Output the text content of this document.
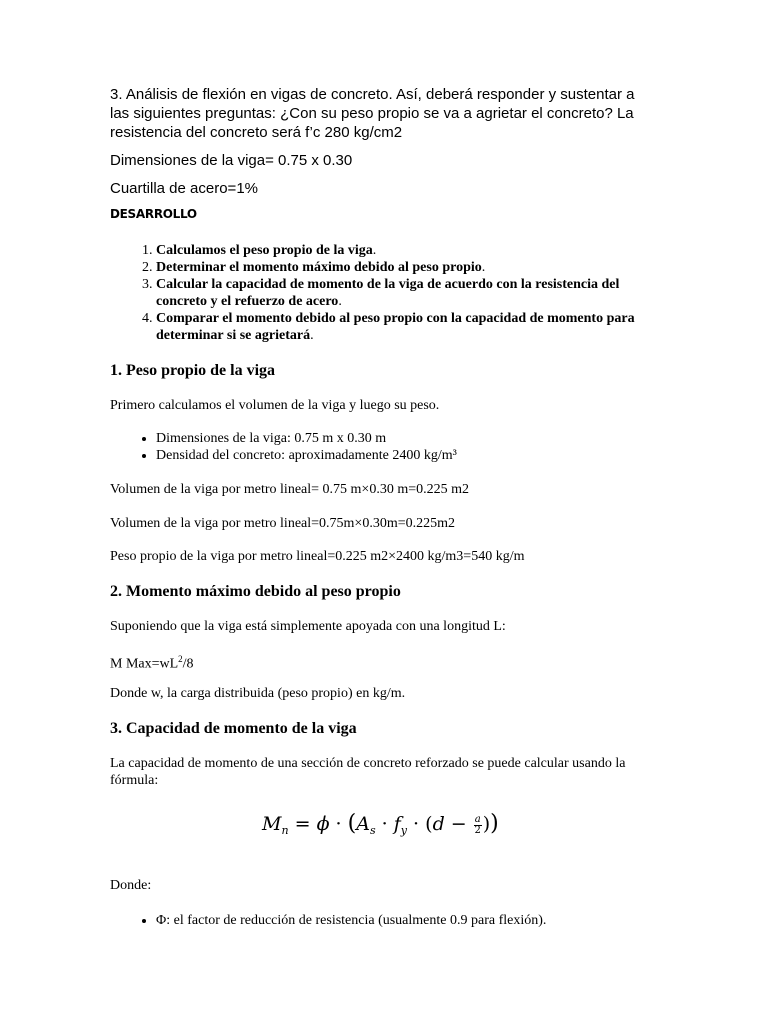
3. Análisis de flexión en vigas de concreto. Así, deberá responder y sustentar a las siguientes preguntas: ¿Con su peso propio se va a agrietar el concreto? La resistencia del concreto será f’c 280 kg/cm2

Dimensiones de la viga= 0.75 x 0.30

Cuartilla de acero=1%

DESARROLLO

1. Calculamos el peso propio de la viga.
2. Determinar el momento máximo debido al peso propio.
3. Calcular la capacidad de momento de la viga de acuerdo con la resistencia del concreto y el refuerzo de acero.
4. Comparar el momento debido al peso propio con la capacidad de momento para determinar si se agrietará.

1. Peso propio de la viga

Primero calculamos el volumen de la viga y luego su peso.

• Dimensiones de la viga: 0.75 m x 0.30 m
• Densidad del concreto: aproximadamente 2400 kg/m³

Volumen de la viga por metro lineal= 0.75 m×0.30 m=0.225 m2

Volumen de la viga por metro lineal=0.75m×0.30m=0.225m2

Peso propio de la viga por metro lineal=0.225 m2×2400 kg/m3=540 kg/m

2. Momento máximo debido al peso propio

Suponiendo que la viga está simplemente apoyada con una longitud L:

M $Max=wL^2/8$

Donde w, la carga distribuida (peso propio) en kg/m.

3. Capacidad de momento de la viga

La capacidad de momento de una sección de concreto reforzado se puede calcular usando la fórmula:

$M_n = \phi \cdot (A_s \cdot f_y \cdot (d - \frac{a}{2}$ ))

Donde:

• Φ: el factor de reducción de resistencia (usualmente 0.9 para flexión).
